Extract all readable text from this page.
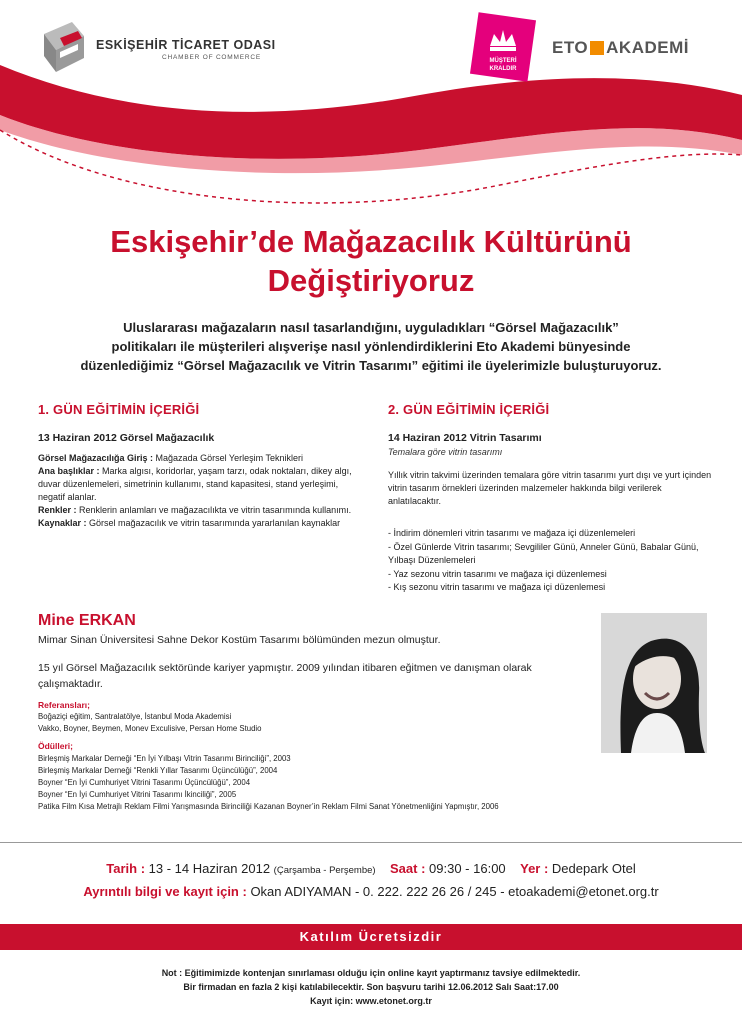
ESKİŞEHİR TİCARET ODASI
CHAMBER OF COMMERCE	MÜŞTERİ
KRALDIR
ETO AKADEMİ
Eskişehir’de Mağazacılık Kültürünü
Değiştiriyoruz
Uluslararası mağazaların nasıl tasarlandığını, uyguladıkları “Görsel Mağazacılık”
politikaları ile müşterileri alışverişe nasıl yönlendirdiklerini Eto Akademi bünyesinde
düzenlediğimiz “Görsel Mağazacılık ve Vitrin Tasarımı” eğitimi ile üyelerimizle buluşturuyoruz.
1. GÜN EĞİTİMİN İÇERİĞİ
13 Haziran 2012 Görsel Mağazacılık
Görsel Mağazacılığa Giriş : Mağazada Görsel Yerleşim Teknikleri
Ana başlıklar : Marka algısı, koridorlar, yaşam tarzı, odak noktaları, dikey algı, duvar düzenlemeleri, simetrinin kullanımı, stand kapasitesi, stand yerleşimi, negatif alanlar.
Renkler : Renklerin anlamları ve mağazacılıkta ve vitrin tasarımında kullanımı.
Kaynaklar : Görsel mağazacılık ve vitrin tasarımında yararlanılan kaynaklar
2. GÜN EĞİTİMİN İÇERİĞİ
14 Haziran 2012 Vitrin Tasarımı
Temalara göre vitrin tasarımı
Yıllık vitrin takvimi üzerinden temalara göre vitrin tasarımı yurt dışı ve yurt içinden vitrin tasarım örnekleri üzerinden malzemeler hakkında bilgi verilerek anlatılacaktır.
- İndirim dönemleri vitrin tasarımı ve mağaza içi düzenlemeleri
- Özel Günlerde Vitrin tasarımı; Sevgililer Günü, Anneler Günü, Babalar Günü, Yılbaşı Düzenlemeleri
- Yaz sezonu vitrin tasarımı ve mağaza içi düzenlemesi
- Kış sezonu vitrin tasarımı ve mağaza içi düzenlemesi
Mine ERKAN
Mimar Sinan Üniversitesi Sahne Dekor Kostüm Tasarımı bölümünden mezun olmuştur.
15 yıl Görsel Mağazacılık sektöründe kariyer yapmıştır. 2009 yılından itibaren eğitmen ve danışman olarak çalışmaktadır.
Referansları;
Boğaziçi eğitim, Santralatölye, İstanbul Moda Akademisi
Vakko, Boyner, Beymen, Monev Exculisive, Persan Home Studio
Ödülleri;
Birleşmiş Markalar Derneği “En İyi Yılbaşı Vitrin Tasarımı Birinciliği”, 2003
Birleşmiş Markalar Derneği “Renkli Yıllar Tasarımı Üçüncülüğü”, 2004
Boyner “En İyi Cumhuriyet Vitrini Tasarımı Üçüncülüğü”, 2004
Boyner “En İyi Cumhuriyet Vitrini Tasarımı İkinciliği”, 2005
Patika Film Kısa Metrajlı Reklam Filmi Yarışmasında Birinciliği Kazanan Boyner’in Reklam Filmi Sanat Yönetmenliğini Yapmıştır, 2006
Tarih : 13 - 14 Haziran 2012 (Çarşamba - Perşembe) Saat : 09:30 - 16:00 Yer : Dedepark Otel
Ayrıntılı bilgi ve kayıt için : Okan ADIYAMAN - 0. 222. 222 26 26 / 245 - etoakademi@etonet.org.tr
Katılım Ücretsizdir
Not : Eğitimimizde kontenjan sınırlaması olduğu için online kayıt yaptırmanız tavsiye edilmektedir.
Bir firmadan en fazla 2 kişi katılabilecektir. Son başvuru tarihi 12.06.2012 Salı Saat:17.00
Kayıt için: www.etonet.org.tr
